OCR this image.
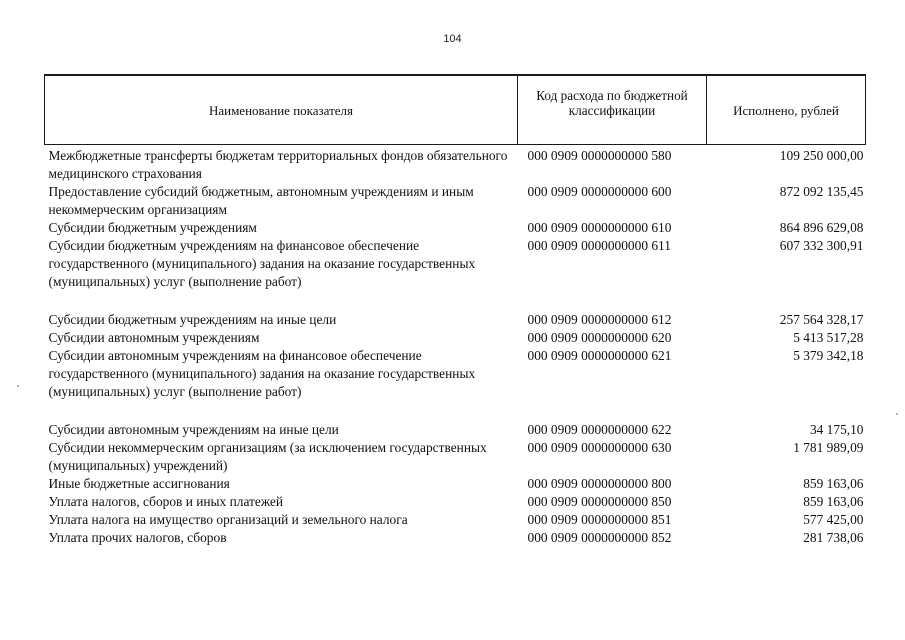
104
Наименование показателя	Код расхода по бюджетной классификации	Исполнено, рублей
Межбюджетные трансферты бюджетам территориальных фондов обязательного медицинского страхования	000 0909 0000000000 580	109 250 000,00
Предоставление субсидий бюджетным, автономным учреждениям и иным некоммерческим организациям	000 0909 0000000000 600	872 092 135,45
Субсидии бюджетным учреждениям	000 0909 0000000000 610	864 896 629,08
Субсидии бюджетным учреждениям на финансовое обеспечение государственного (муниципального) задания на оказание государственных (муниципальных) услуг (выполнение работ)	000 0909 0000000000 611	607 332 300,91
Субсидии бюджетным учреждениям на иные цели	000 0909 0000000000 612	257 564 328,17
Субсидии автономным учреждениям	000 0909 0000000000 620	5 413 517,28
Субсидии автономным учреждениям на финансовое обеспечение государственного (муниципального) задания на оказание государственных (муниципальных) услуг (выполнение работ)	000 0909 0000000000 621	5 379 342,18
Субсидии автономным учреждениям на иные цели	000 0909 0000000000 622	34 175,10
Субсидии некоммерческим организациям (за исключением государственных (муниципальных) учреждений)	000 0909 0000000000 630	1 781 989,09
Иные бюджетные ассигнования	000 0909 0000000000 800	859 163,06
Уплата налогов, сборов и иных платежей	000 0909 0000000000 850	859 163,06
Уплата налога на имущество организаций и земельного налога	000 0909 0000000000 851	577 425,00
Уплата прочих налогов, сборов	000 0909 0000000000 852	281 738,06
